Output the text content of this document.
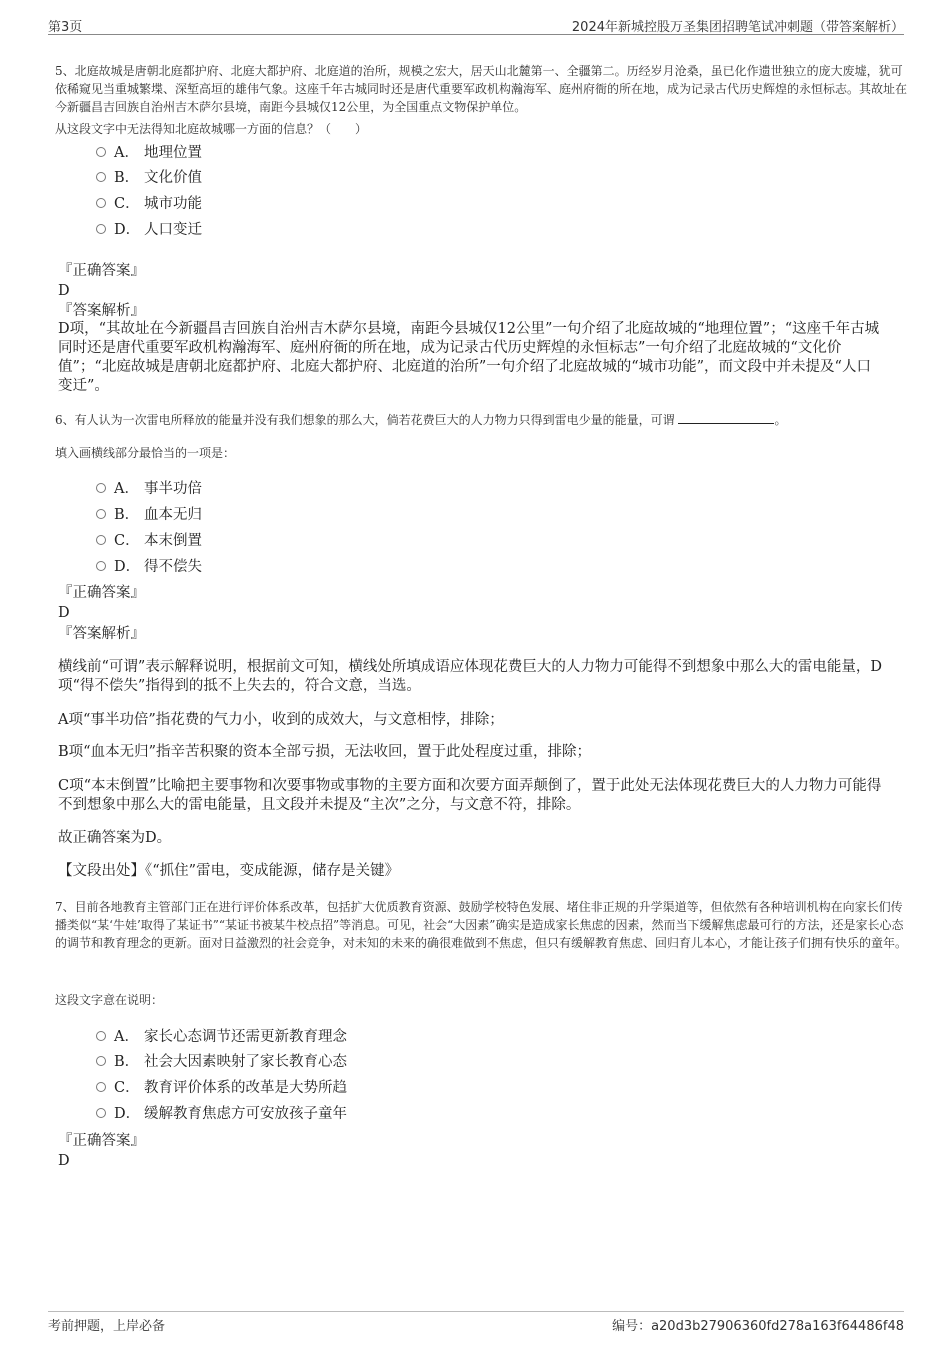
第3页	2024年新城控股万圣集团招聘笔试冲刺题（带答案解析）
5、北庭故城是唐朝北庭都护府、北庭大都护府、北庭道的治所，规模之宏大，居天山北麓第一、全疆第二。历经岁月沧桑，虽已化作遗世独立的庞大废墟，犹可依稀窥见当重城繁堞、深堑高垣的雄伟气象。这座千年古城同时还是唐代重要军政机构瀚海军、庭州府衙的所在地，成为记录古代历史辉煌的永恒标志。其故址在今新疆昌吉回族自治州吉木萨尔县境，南距今县城仅12公里，为全国重点文物保护单位。
从这段文字中无法得知北庭故城哪一方面的信息？（　　）
A． 地理位置
B． 文化价值
C． 城市功能
D． 人口变迁
『正确答案』
D
『答案解析』
D项，“其故址在今新疆昌吉回族自治州吉木萨尔县境，南距今县城仅12公里”一句介绍了北庭故城的“地理位置”；“这座千年古城同时还是唐代重要军政机构瀚海军、庭州府衙的所在地，成为记录古代历史辉煌的永恒标志”一句介绍了北庭故城的“文化价值”；“北庭故城是唐朝北庭都护府、北庭大都护府、北庭道的治所”一句介绍了北庭故城的“城市功能”，而文段中并未提及“人口变迁”。
6、有人认为一次雷电所释放的能量并没有我们想象的那么大，倘若花费巨大的人力物力只得到雷电少量的能量，可谓	。
填入画横线部分最恰当的一项是：
A． 事半功倍
B． 血本无归
C． 本末倒置
D． 得不偿失
『正确答案』
D
『答案解析』
横线前“可谓”表示解释说明，根据前文可知，横线处所填成语应体现花费巨大的人力物力可能得不到想象中那么大的雷电能量，D项“得不偿失”指得到的抵不上失去的，符合文意，当选。
A项“事半功倍”指花费的气力小，收到的成效大，与文意相悖，排除；
B项“血本无归”指辛苦积聚的资本全部亏损，无法收回，置于此处程度过重，排除；
C项“本末倒置”比喻把主要事物和次要事物或事物的主要方面和次要方面弄颠倒了，置于此处无法体现花费巨大的人力物力可能得不到想象中那么大的雷电能量，且文段并未提及“主次”之分，与文意不符，排除。
故正确答案为D。
【文段出处】《“抓住”雷电，变成能源，储存是关键》
7、目前各地教育主管部门正在进行评价体系改革，包括扩大优质教育资源、鼓励学校特色发展、堵住非正规的升学渠道等，但依然有各种培训机构在向家长们传播类似“某‘牛娃’取得了某证书”“某证书被某牛校点招”等消息。可见，社会“大因素”确实是造成家长焦虑的因素，然而当下缓解焦虑最可行的方法，还是家长心态的调节和教育理念的更新。面对日益激烈的社会竞争，对未知的未来的确很难做到不焦虑，但只有缓解教育焦虑、回归育儿本心，才能让孩子们拥有快乐的童年。
这段文字意在说明：
A． 家长心态调节还需更新教育理念
B． 社会大因素映射了家长教育心态
C． 教育评价体系的改革是大势所趋
D． 缓解教育焦虑方可安放孩子童年
『正确答案』
D
考前押题，上岸必备	编号：a20d3b27906360fd278a163f64486f48
